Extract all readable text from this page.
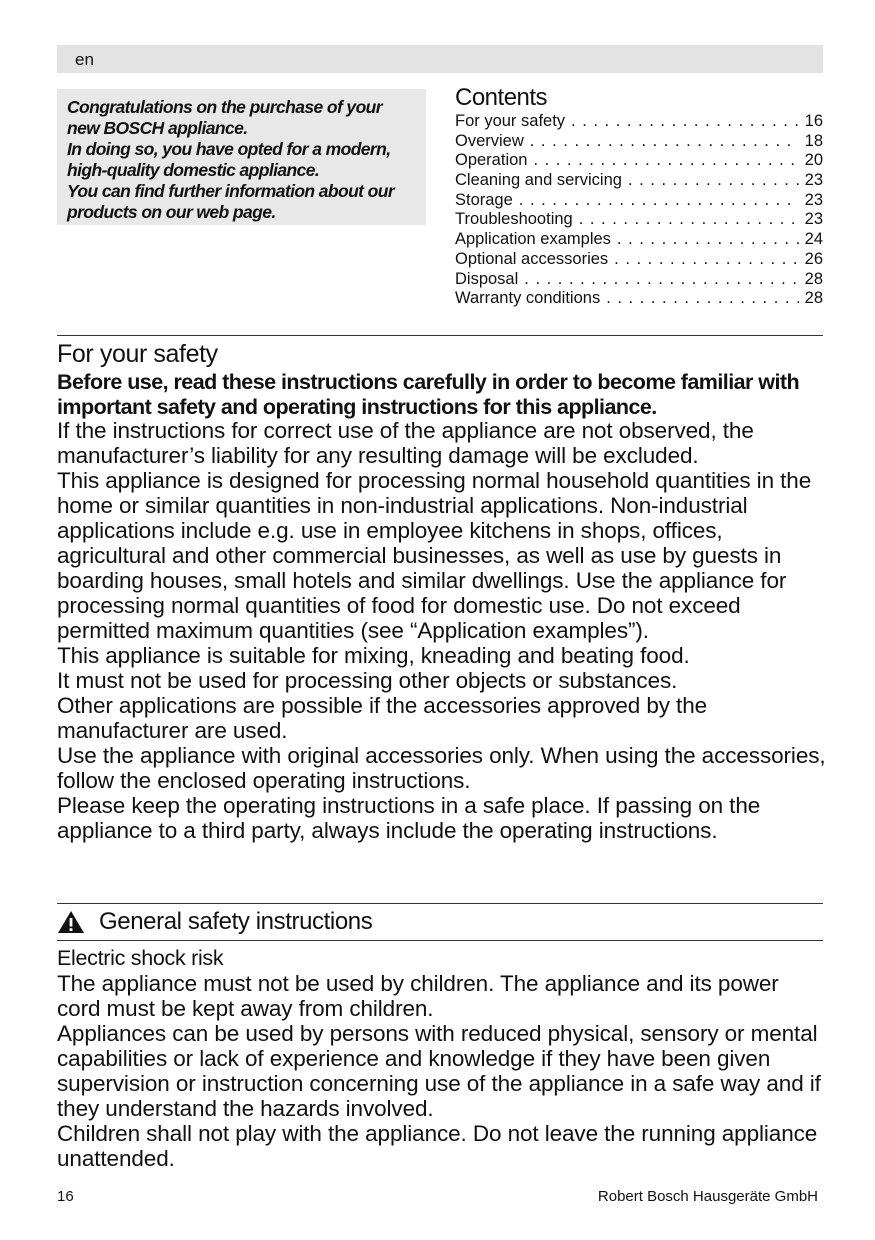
en
Congratulations on the purchase of your
new BOSCH appliance.
In doing so, you have opted for a modern,
high-quality domestic appliance.
You can find further information about our
products on our web page.
Contents
For your safety . . .	16
Overview . . .	18
Operation . . .	20
Cleaning and servicing . . .	23
Storage . . .	23
Troubleshooting . . .	23
Application examples . . .	24
Optional accessories . . .	26
Disposal . . .	28
Warranty conditions . . .	28
For your safety
Before use, read these instructions carefully in order to become familiar with important safety and operating instructions for this appliance.

If the instructions for correct use of the appliance are not observed, the manufacturer’s liability for any resulting damage will be excluded.

This appliance is designed for processing normal household quantities in the home or similar quantities in non-industrial applications. Non-industrial applications include e.g. use in employee kitchens in shops, offices, agricultural and other commercial businesses, as well as use by guests in boarding houses, small hotels and similar dwellings. Use the appliance for processing normal quantities of food for domestic use. Do not exceed permitted maximum quantities (see “Application examples”).

This appliance is suitable for mixing, kneading and beating food.

It must not be used for processing other objects or substances.

Other applications are possible if the accessories approved by the manufacturer are used.

Use the appliance with original accessories only. When using the accessories, follow the enclosed operating instructions.

Please keep the operating instructions in a safe place. If passing on the appliance to a third party, always include the operating instructions.

General safety instructions
Electric shock risk

The appliance must not be used by children. The appliance and its power cord must be kept away from children.

Appliances can be used by persons with reduced physical, sensory or mental capabilities or lack of experience and knowledge if they have been given supervision or instruction concerning use of the appliance in a safe way and if they understand the hazards involved.

Children shall not play with the appliance. Do not leave the running appliance unattended.

16	Robert Bosch Hausgeräte GmbH
